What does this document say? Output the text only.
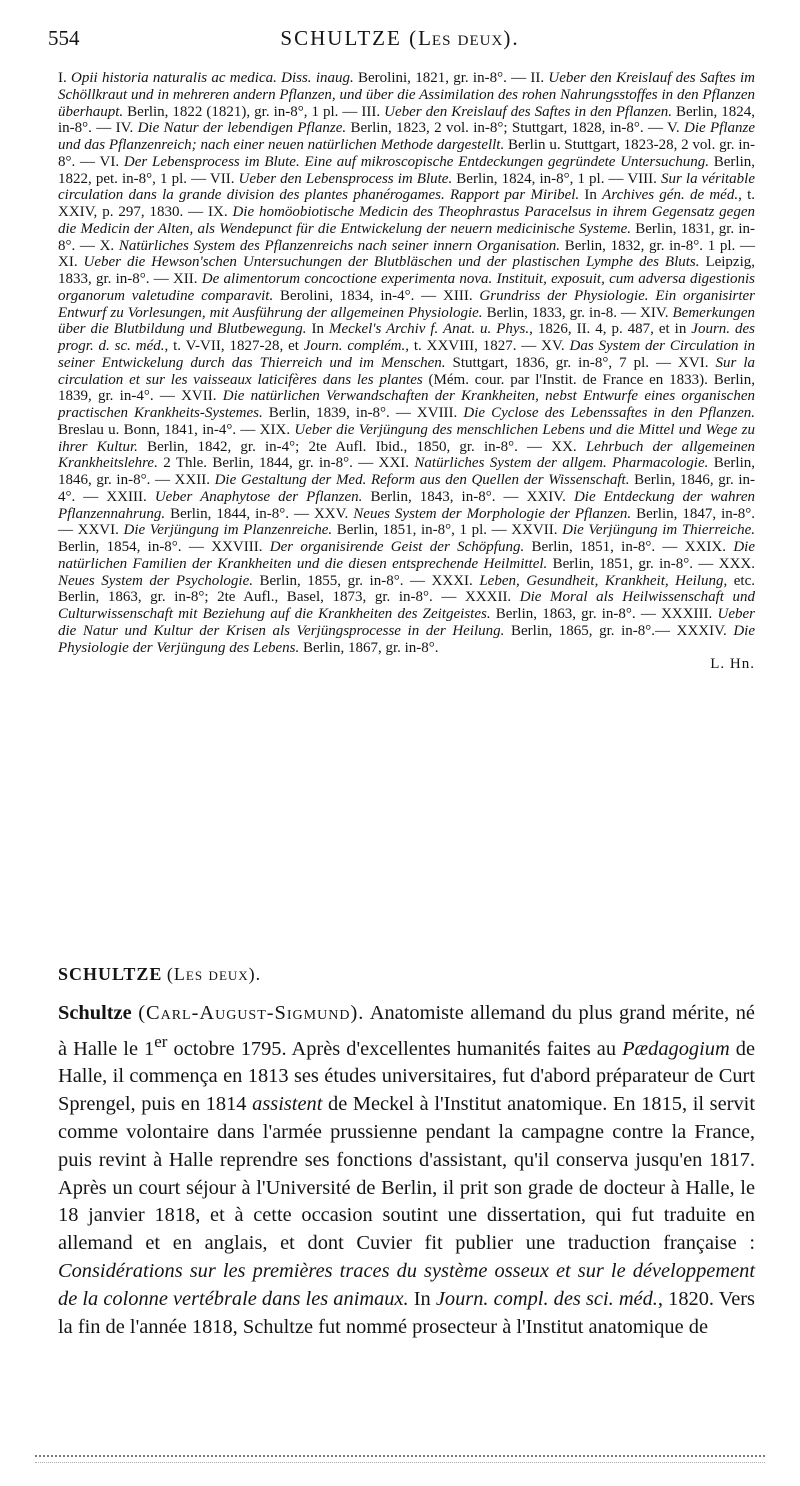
554	SCHULTZE (Les deux).

I. Opii historia naturalis ac medica. Diss. inaug. Berolini, 1821, gr. in-8°. — II. Ueber den Kreislauf des Saftes im Schöllkraut und in mehreren andern Pflanzen, und über die Assimilation des rohen Nahrungsstoffes in den Pflanzen überhaupt. Berlin, 1822 (1821), gr. in-8°, 1 pl. — III. Ueber den Kreislauf des Saftes in den Pflanzen. Berlin, 1824, in-8°. — IV. Die Natur der lebendigen Pflanze. Berlin, 1823, 2 vol. in-8°; Stuttgart, 1828, in-8°. — V. Die Pflanze und das Pflanzenreich; nach einer neuen natürlichen Methode dargestellt. Berlin u. Stuttgart, 1823-28, 2 vol. gr. in-8°. — VI. Der Lebensprocess im Blute. Eine auf mikroscopische Entdeckungen gegründete Untersuchung. Berlin, 1822, pet. in-8°, 1 pl. — VII. Ueber den Lebensprocess im Blute. Berlin, 1824, in-8°, 1 pl. — VIII. Sur la véritable circulation dans la grande division des plantes phanérogames. Rapport par Miribel. In Archives gén. de méd., t. XXIV, p. 297, 1830. — IX. Die homöobiotische Medicin des Theophrastus Paracelsus in ihrem Gegensatz gegen die Medicin der Alten, als Wendepunct für die Entwickelung der neuern medicinische Systeme. Berlin, 1831, gr. in-8°. — X. Natürliches System des Pflanzenreichs nach seiner innern Organisation. Berlin, 1832, gr. in-8°. 1 pl. — XI. Ueber die Hewson'schen Untersuchungen der Blutbläschen und der plastischen Lymphe des Bluts. Leipzig, 1833, gr. in-8°. — XII. De alimentorum concoctione experimenta nova. Instituit, exposuit, cum adversa digestionis organorum valetudine comparavit. Berolini, 1834, in-4°. — XIII. Grundriss der Physiologie. Ein organisirter Entwurf zu Vorlesungen, mit Ausführung der allgemeinen Physiologie. Berlin, 1833, gr. in-8. — XIV. Bemerkungen über die Blutbildung und Blutbewegung. In Meckel's Archiv f. Anat. u. Phys., 1826, II. 4, p. 487, et in Journ. des progr. d. sc. méd., t. V-VII, 1827-28, et Journ. complém., t. XXVIII, 1827. — XV. Das System der Circulation in seiner Entwickelung durch das Thierreich und im Menschen. Stuttgart, 1836, gr. in-8°, 7 pl. — XVI. Sur la circulation et sur les vaisseaux laticifères dans les plantes (Mém. cour. par l'Instit. de France en 1833). Berlin, 1839, gr. in-4°. — XVII. Die natürlichen Verwandschaften der Krankheiten, nebst Entwurfe eines organischen practischen Krankheits-Systemes. Berlin, 1839, in-8°. — XVIII. Die Cyclose des Lebenssaftes in den Pflanzen. Breslau u. Bonn, 1841, in-4°. — XIX. Ueber die Verjüngung des menschlichen Lebens und die Mittel und Wege zu ihrer Kultur. Berlin, 1842, gr. in-4°; 2te Aufl. Ibid., 1850, gr. in-8°. — XX. Lehrbuch der allgemeinen Krankheitslehre. 2 Thle. Berlin, 1844, gr. in-8°. — XXI. Natürliches System der allgem. Pharmacologie. Berlin, 1846, gr. in-8°. — XXII. Die Gestaltung der Med. Reform aus den Quellen der Wissenschaft. Berlin, 1846, gr. in-4°. — XXIII. Ueber Anaphytose der Pflanzen. Berlin, 1843, in-8°. — XXIV. Die Entdeckung der wahren Pflanzennahrung. Berlin, 1844, in-8°. — XXV. Neues System der Morphologie der Pflanzen. Berlin, 1847, in-8°. — XXVI. Die Verjüngung im Planzenreiche. Berlin, 1851, in-8°, 1 pl. — XXVII. Die Verjüngung im Thierreiche. Berlin, 1854, in-8°. — XXVIII. Der organisirende Geist der Schöpfung. Berlin, 1851, in-8°. — XXIX. Die natürlichen Familien der Krankheiten und die diesen entsprechende Heilmittel. Berlin, 1851, gr. in-8°. — XXX. Neues System der Psychologie. Berlin, 1855, gr. in-8°. — XXXI. Leben, Gesundheit, Krankheit, Heilung, etc. Berlin, 1863, gr. in-8°; 2te Aufl., Basel, 1873, gr. in-8°. — XXXII. Die Moral als Heilwissenschaft und Culturwissenschaft mit Beziehung auf die Krankheiten des Zeitgeistes. Berlin, 1863, gr. in-8°. — XXXIII. Ueber die Natur und Kultur der Krisen als Verjüngsprocesse in der Heilung. Berlin, 1865, gr. in-8°.— XXXIV. Die Physiologie der Verjüngung des Lebens. Berlin, 1867, gr. in-8°.
L. Hn.

SCHULTZE (Les deux).

Schultze (Carl-August-Sigmund). Anatomiste allemand du plus grand mérite, né à Halle le 1er octobre 1795. Après d'excellentes humanités faites au Pædagogium de Halle, il commença en 1813 ses études universitaires, fut d'abord préparateur de Curt Sprengel, puis en 1814 assistent de Meckel à l'Institut anatomique. En 1815, il servit comme volontaire dans l'armée prussienne pendant la campagne contre la France, puis revint à Halle reprendre ses fonctions d'assistant, qu'il conserva jusqu'en 1817. Après un court séjour à l'Université de Berlin, il prit son grade de docteur à Halle, le 18 janvier 1818, et à cette occasion soutint une dissertation, qui fut traduite en allemand et en anglais, et dont Cuvier fit publier une traduction française : Considérations sur les premières traces du système osseux et sur le développement de la colonne vertébrale dans les animaux. In Journ. compl. des sci. méd., 1820. Vers la fin de l'année 1818, Schultze fut nommé prosecteur à l'Institut anatomique de
